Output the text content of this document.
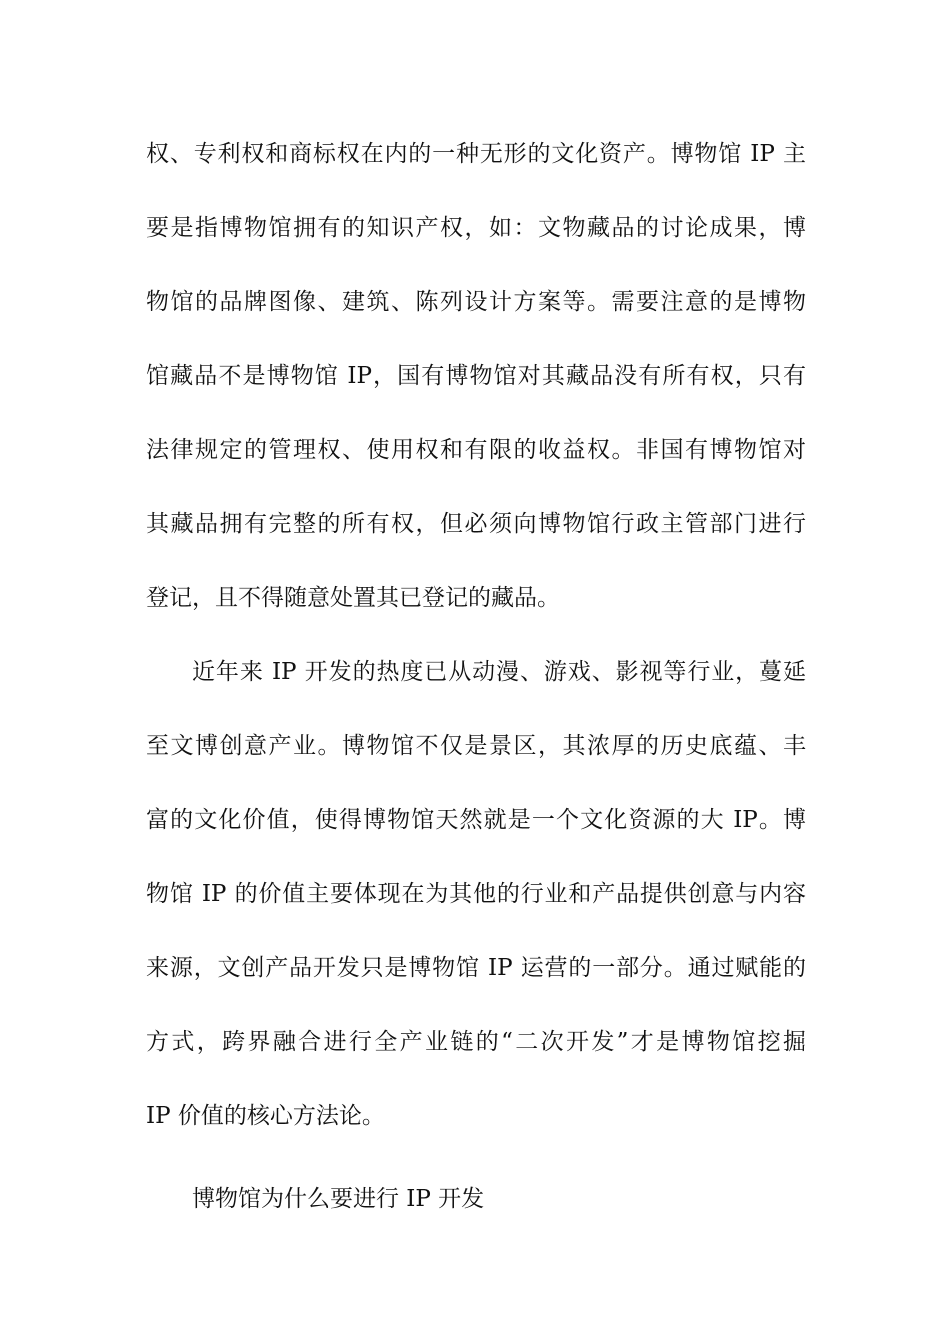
权、专利权和商标权在内的一种无形的文化资产。博物馆 IP 主
要是指博物馆拥有的知识产权，如：文物藏品的讨论成果，博
物馆的品牌图像、建筑、陈列设计方案等。需要注意的是博物
馆藏品不是博物馆 IP，国有博物馆对其藏品没有所有权，只有
法律规定的管理权、使用权和有限的收益权。非国有博物馆对
其藏品拥有完整的所有权，但必须向博物馆行政主管部门进行
登记，且不得随意处置其已登记的藏品。
近年来 IP 开发的热度已从动漫、游戏、影视等行业，蔓延
至文博创意产业。博物馆不仅是景区，其浓厚的历史底蕴、丰
富的文化价值，使得博物馆天然就是一个文化资源的大 IP。博
物馆 IP 的价值主要体现在为其他的行业和产品提供创意与内容
来源，文创产品开发只是博物馆 IP 运营的一部分。通过赋能的
方式，跨界融合进行全产业链的“二次开发”才是博物馆挖掘
IP 价值的核心方法论。
博物馆为什么要进行 IP 开发
